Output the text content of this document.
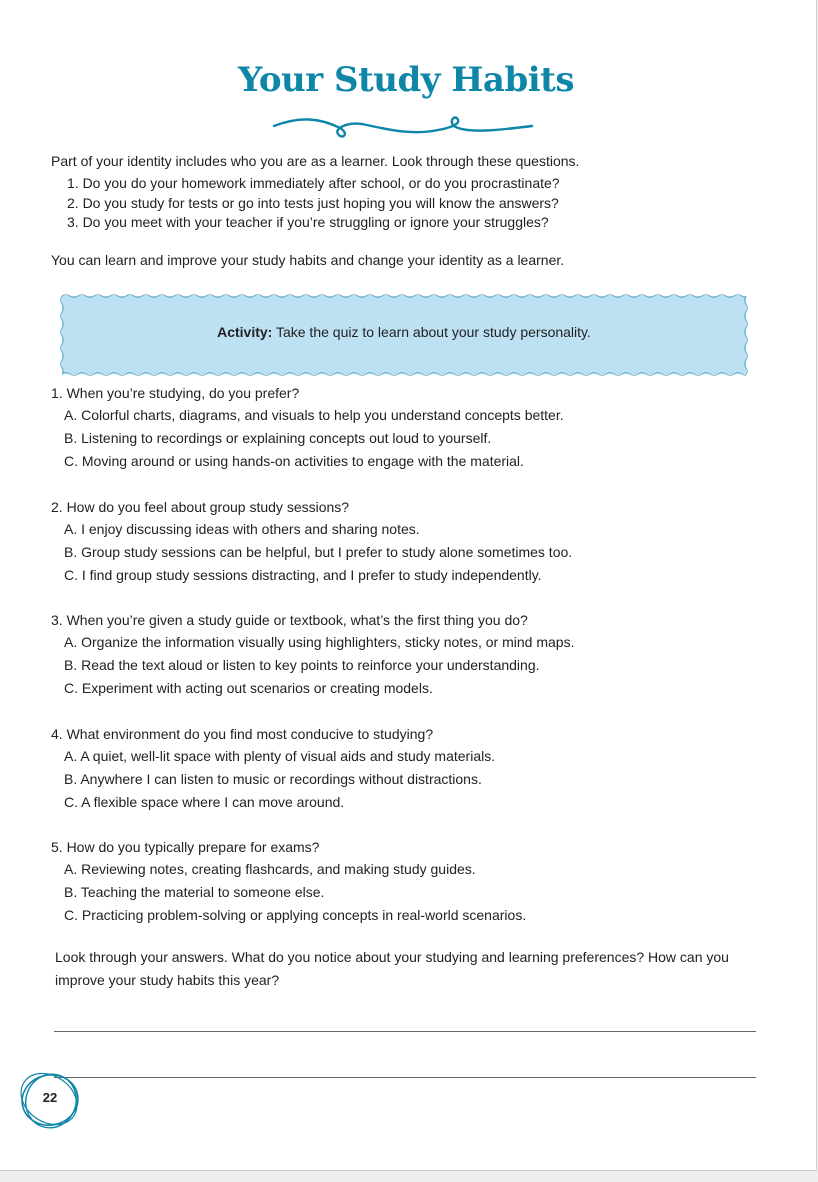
Your Study Habits
Part of your identity includes who you are as a learner. Look through these questions.
1. Do you do your homework immediately after school, or do you procrastinate?
2. Do you study for tests or go into tests just hoping you will know the answers?
3. Do you meet with your teacher if you’re struggling or ignore your struggles?
You can learn and improve your study habits and change your identity as a learner.
Activity: Take the quiz to learn about your study personality.
1. When you’re studying, do you prefer?
A. Colorful charts, diagrams, and visuals to help you understand concepts better.
B. Listening to recordings or explaining concepts out loud to yourself.
C. Moving around or using hands-on activities to engage with the material.
2. How do you feel about group study sessions?
A. I enjoy discussing ideas with others and sharing notes.
B. Group study sessions can be helpful, but I prefer to study alone sometimes too.
C. I find group study sessions distracting, and I prefer to study independently.
3. When you’re given a study guide or textbook, what’s the first thing you do?
A. Organize the information visually using highlighters, sticky notes, or mind maps.
B. Read the text aloud or listen to key points to reinforce your understanding.
C. Experiment with acting out scenarios or creating models.
4. What environment do you find most conducive to studying?
A. A quiet, well-lit space with plenty of visual aids and study materials.
B. Anywhere I can listen to music or recordings without distractions.
C. A flexible space where I can move around.
5. How do you typically prepare for exams?
A. Reviewing notes, creating flashcards, and making study guides.
B. Teaching the material to someone else.
C. Practicing problem-solving or applying concepts in real-world scenarios.
Look through your answers. What do you notice about your studying and learning preferences? How can you improve your study habits this year?
22
